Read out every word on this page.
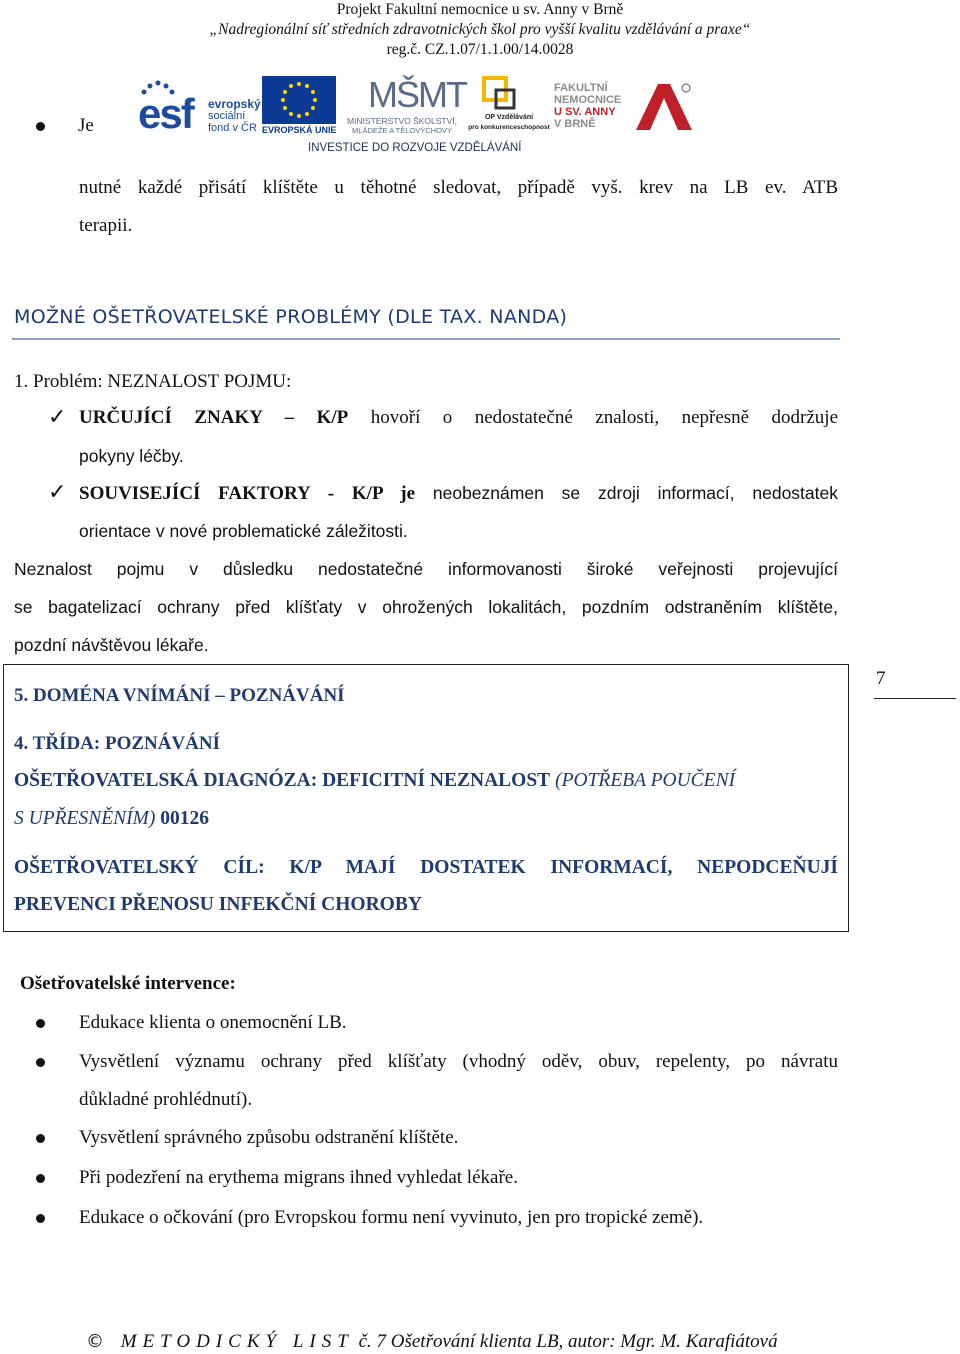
Projekt Fakultní nemocnice u sv. Anny v Brně
„Nadregionální síť středních zdravotnických škol pro vyšší kvalitu vzdělávání a praxe“
reg.č. CZ.1.07/1.1.00/14.0028
esf evropský
sociální
fond v ČR EVROPSKÁ UNIE
MŠMT
MINISTERSTVO ŠKOLSTVÍ,
MLÁDEŽE A TĚLOVÝCHOVY
OP Vzdělávání
pro konkurenceschopnost
FAKULTNÍ
NEMOCNICE
U SV. ANNY
V BRNĚ
INVESTICE DO ROZVOJE VZDĚLÁVÁNÍ
Je
nutné každé přisátí klíštěte u těhotné sledovat, případě vyš. krev na LB ev. ATB
terapii.
MOŽNÉ OŠETŘOVATELSKÉ PROBLÉMY (DLE TAX. NANDA)
1. Problém: NEZNALOST POJMU:
✓ URČUJÍCÍ ZNAKY – K/P hovoří o nedostatečné znalosti, nepřesně dodržuje
pokyny léčby.
✓ SOUVISEJÍCÍ FAKTORY - K/P je neobeznámen se zdroji informací, nedostatek
orientace v nové problematické záležitosti.
Neznalost pojmu v důsledku nedostatečné informovanosti široké veřejnosti projevující
se bagatelizací ochrany před klíšťaty v ohrožených lokalitách, pozdním odstraněním klíštěte,
pozdní návštěvou lékaře.
5. DOMÉNA VNÍMÁNÍ – POZNÁVÁNÍ
4. TŘÍDA: POZNÁVÁNÍ
OŠETŘOVATELSKÁ DIAGNÓZA: DEFICITNÍ NEZNALOST (POTŘEBA POUČENÍ
S UPŘESNĚNÍM) 00126
OŠETŘOVATELSKÝ CÍL: K/P MAJÍ DOSTATEK INFORMACÍ, NEPODCEŇUJÍ
PREVENCI PŘENOSU INFEKČNÍ CHOROBY
7
Ošetřovatelské intervence:
Edukace klienta o onemocnění LB.
Vysvětlení významu ochrany před klíšťaty (vhodný oděv, obuv, repelenty, po návratu
důkladné prohlédnutí).
Vysvětlení správného způsobu odstranění klíštěte.
Při podezření na erythema migrans ihned vyhledat lékaře.
Edukace o očkování (pro Evropskou formu není vyvinuto, jen pro tropické země).
© METODICKÝ LIST č. 7 Ošetřování klienta LB, autor: Mgr. M. Karafiátová
